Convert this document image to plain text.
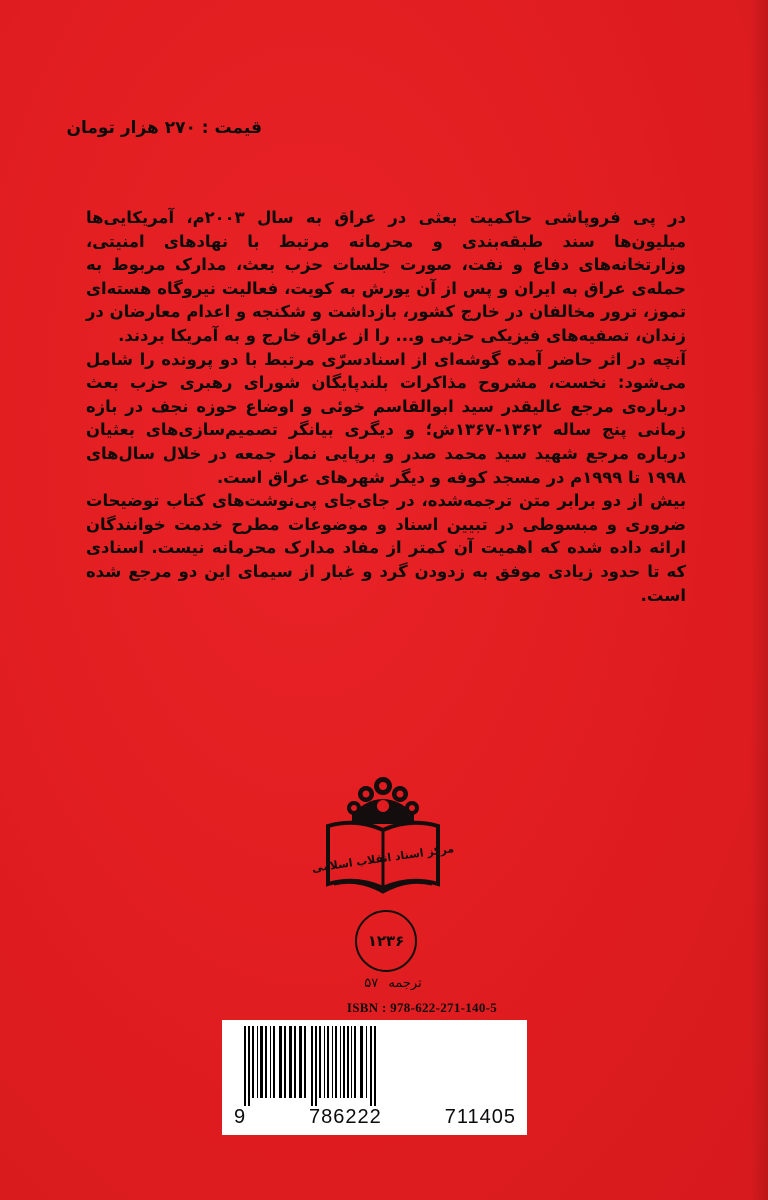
قیمت : ۲۷۰ هزار تومان

در پی فروپاشی حاکمیت بعثی در عراق به سال ۲۰۰۳م، آمریکایی‌ها میلیون‌ها سند طبقه‌بندی و محرمانه مرتبط با نهادهای امنیتی، وزارتخانه‌های دفاع و نفت، صورت جلسات حزب بعث، مدارک مربوط به حمله‌ی عراق به ایران و پس از آن یورش به کویت، فعالیت نیروگاه هسته‌ای تموز، ترور مخالفان در خارج کشور، بازداشت و شکنجه و اعدام معارضان در زندان، تصفیه‌های فیزیکی حزبی و... را از عراق خارج و به آمریکا بردند.

آنچه در اثر حاضر آمده گوشه‌ای از اسنادسرّی مرتبط با دو پرونده را شامل می‌شود: نخست، مشروح مذاکرات بلندپایگان شورای رهبری حزب بعث درباره‌ی مرجع عالیقدر سید ابوالقاسم خوئی و اوضاع حوزه نجف در بازه زمانی پنج ساله ۱۳۶۲-۱۳۶۷ش؛ و دیگری بیانگر تصمیم‌سازی‌های بعثیان درباره مرجع شهید سید محمد صدر و برپایی نماز جمعه در خلال سال‌های ۱۹۹۸ تا ۱۹۹۹م در مسجد کوفه و دیگر شهرهای عراق است.

بیش از دو برابر متن ترجمه‌شده، در جای‌جای پی‌نوشت‌های کتاب توضیحات ضروری و مبسوطی در تبیین اسناد و موضوعات مطرح خدمت خوانندگان ارائه داده شده که اهمیت آن کمتر از مفاد مدارک محرمانه نیست. اسنادی که تا حدود زیادی موفق به زدودن گرد و غبار از سیمای این دو مرجع شده است.

مرکز اسناد انقلاب اسلامی
۱۲۳۶
ترجمه ۵۷
ISBN : 978-622-271-140-5
9	786222	711405
